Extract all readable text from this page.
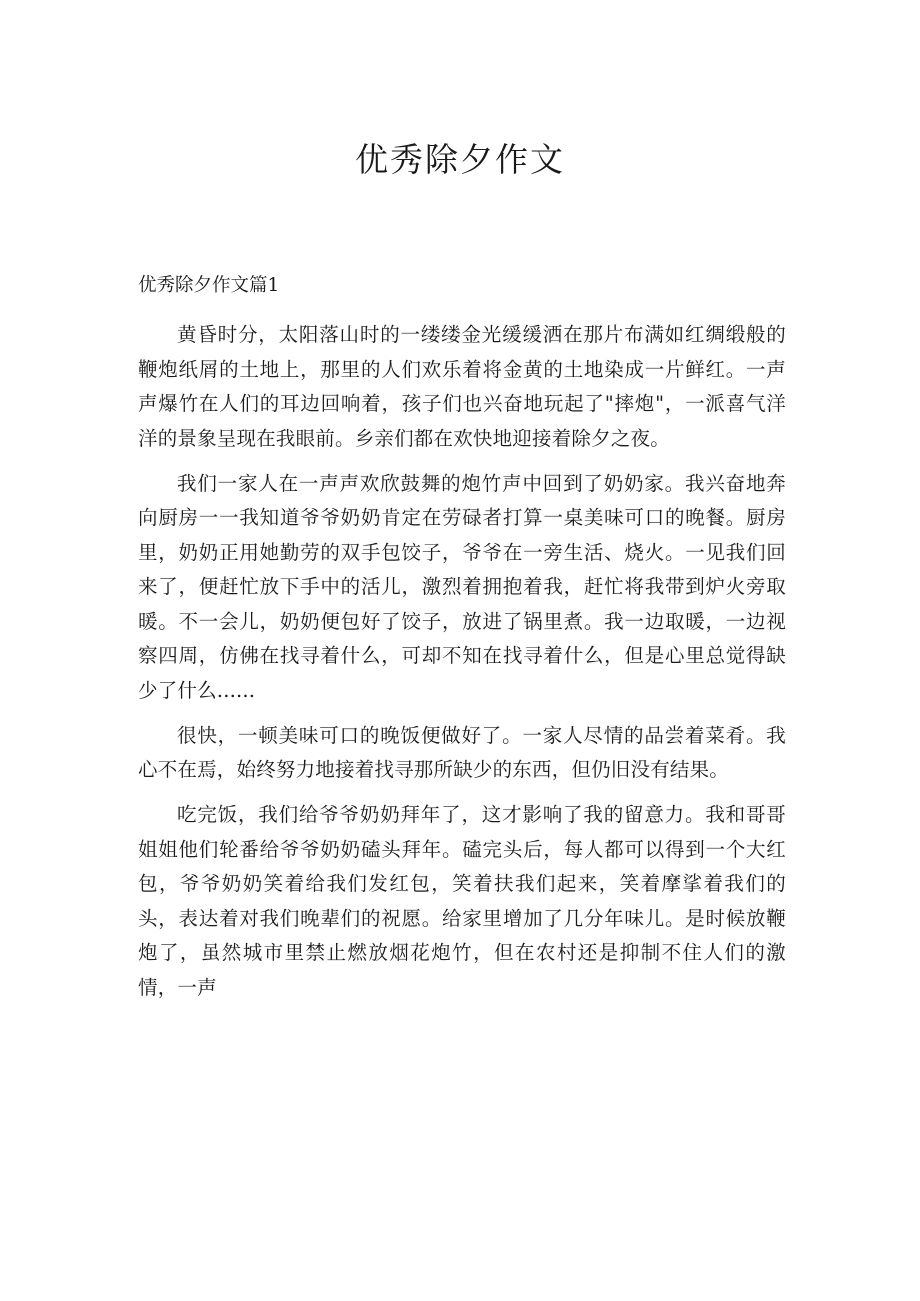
优秀除夕作文
优秀除夕作文篇1

黄昏时分，太阳落山时的一缕缕金光缓缓洒在那片布满如红绸缎般的鞭炮纸屑的土地上，那里的人们欢乐着将金黄的土地染成一片鲜红。一声声爆竹在人们的耳边回响着，孩子们也兴奋地玩起了"摔炮"，一派喜气洋洋的景象呈现在我眼前。乡亲们都在欢快地迎接着除夕之夜。

我们一家人在一声声欢欣鼓舞的炮竹声中回到了奶奶家。我兴奋地奔向厨房一一我知道爷爷奶奶肯定在劳碌者打算一桌美味可口的晚餐。厨房里，奶奶正用她勤劳的双手包饺子，爷爷在一旁生活、烧火。一见我们回来了，便赶忙放下手中的活儿，激烈着拥抱着我，赶忙将我带到炉火旁取暖。不一会儿，奶奶便包好了饺子，放进了锅里煮。我一边取暖，一边视察四周，仿佛在找寻着什么，可却不知在找寻着什么，但是心里总觉得缺少了什么......

很快，一顿美味可口的晚饭便做好了。一家人尽情的品尝着菜肴。我心不在焉，始终努力地接着找寻那所缺少的东西，但仍旧没有结果。

吃完饭，我们给爷爷奶奶拜年了，这才影响了我的留意力。我和哥哥姐姐他们轮番给爷爷奶奶磕头拜年。磕完头后，每人都可以得到一个大红包，爷爷奶奶笑着给我们发红包，笑着扶我们起来，笑着摩挲着我们的头，表达着对我们晚辈们的祝愿。给家里增加了几分年味儿。是时候放鞭炮了，虽然城市里禁止燃放烟花炮竹，但在农村还是抑制不住人们的激情，一声
